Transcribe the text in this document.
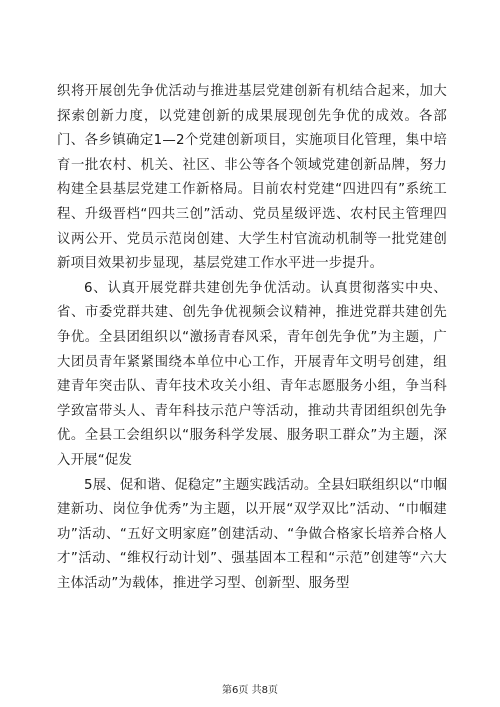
织将开展创先争优活动与推进基层党建创新有机结合起来，加大探索创新力度，以党建创新的成果展现创先争优的成效。各部门、各乡镇确定1—2个党建创新项目，实施项目化管理，集中培育一批农村、机关、社区、非公等各个领域党建创新品牌，努力构建全县基层党建工作新格局。目前农村党建“四进四有”系统工程、升级晋档“四共三创”活动、党员星级评选、农村民主管理四议两公开、党员示范岗创建、大学生村官流动机制等一批党建创新项目效果初步显现，基层党建工作水平进一步提升。

6、认真开展党群共建创先争优活动。认真贯彻落实中央、省、市委党群共建、创先争优视频会议精神，推进党群共建创先争优。全县团组织以“激扬青春风采，青年创先争优”为主题，广大团员青年紧紧围绕本单位中心工作，开展青年文明号创建，组建青年突击队、青年技术攻关小组、青年志愿服务小组，争当科学致富带头人、青年科技示范户等活动，推动共青团组织创先争优。全县工会组织以“服务科学发展、服务职工群众”为主题，深入开展“促发

5展、促和谐、促稳定”主题实践活动。全县妇联组织以“巾帼建新功、岗位争优秀”为主题，以开展“双学双比”活动、“巾帼建功”活动、“五好文明家庭”创建活动、“争做合格家长培养合格人才”活动、“维权行动计划”、强基固本工程和“示范”创建等“六大主体活动”为载体，推进学习型、创新型、服务型

第6页 共8页
